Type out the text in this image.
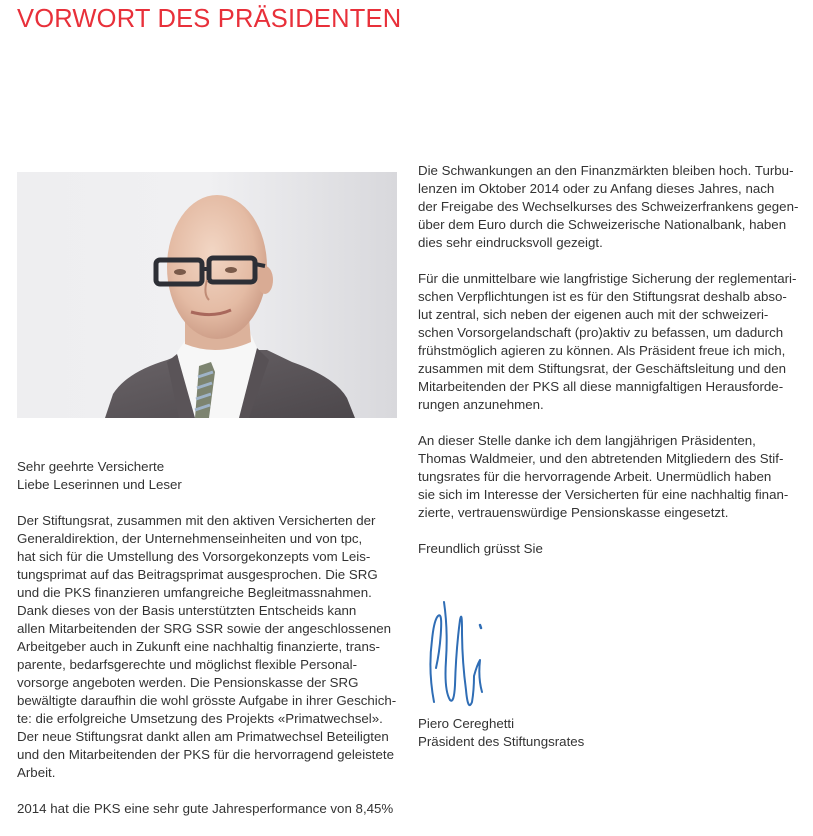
VORWORT DES PRÄSIDENTEN

Sehr geehrte Versicherte
Liebe Leserinnen und Leser

Der Stiftungsrat, zusammen mit den aktiven Versicherten der
Generaldirektion, der Unternehmenseinheiten und von tpc,
hat sich für die Umstellung des Vorsorgekonzepts vom Leis-
tungsprimat auf das Beitragsprimat ausgesprochen. Die SRG
und die PKS finanzieren umfangreiche Begleitmassnahmen.
Dank dieses von der Basis unterstützten Entscheids kann
allen Mitarbeitenden der SRG SSR sowie der angeschlossenen
Arbeitgeber auch in Zukunft eine nachhaltig finanzierte, trans-
parente, bedarfsgerechte und möglichst flexible Personal-
vorsorge angeboten werden. Die Pensionskasse der SRG
bewältigte daraufhin die wohl grösste Aufgabe in ihrer Geschich-
te: die erfolgreiche Umsetzung des Projekts «Primatwechsel».
Der neue Stiftungsrat dankt allen am Primatwechsel Beteiligten
und den Mitarbeitenden der PKS für die hervorragend geleistete
Arbeit.

2014 hat die PKS eine sehr gute Jahresperformance von 8,45%

Die Schwankungen an den Finanzmärkten bleiben hoch. Turbu-
lenzen im Oktober 2014 oder zu Anfang dieses Jahres, nach
der Freigabe des Wechselkurses des Schweizerfrankens gegen-
über dem Euro durch die Schweizerische Nationalbank, haben
dies sehr eindrucksvoll gezeigt.

Für die unmittelbare wie langfristige Sicherung der reglementari-
schen Verpflichtungen ist es für den Stiftungsrat deshalb abso-
lut zentral, sich neben der eigenen auch mit der schweizeri-
schen Vorsorgelandschaft (pro)aktiv zu befassen, um dadurch
frühstmöglich agieren zu können. Als Präsident freue ich mich,
zusammen mit dem Stiftungsrat, der Geschäftsleitung und den
Mitarbeitenden der PKS all diese mannigfaltigen Herausforde-
rungen anzunehmen.

An dieser Stelle danke ich dem langjährigen Präsidenten,
Thomas Waldmeier, und den abtretenden Mitgliedern des Stif-
tungsrates für die hervorragende Arbeit. Unermüdlich haben
sie sich im Interesse der Versicherten für eine nachhaltig finan-
zierte, vertrauenswürdige Pensionskasse eingesetzt.

Freundlich grüsst Sie

Piero Cereghetti
Präsident des Stiftungsrates
